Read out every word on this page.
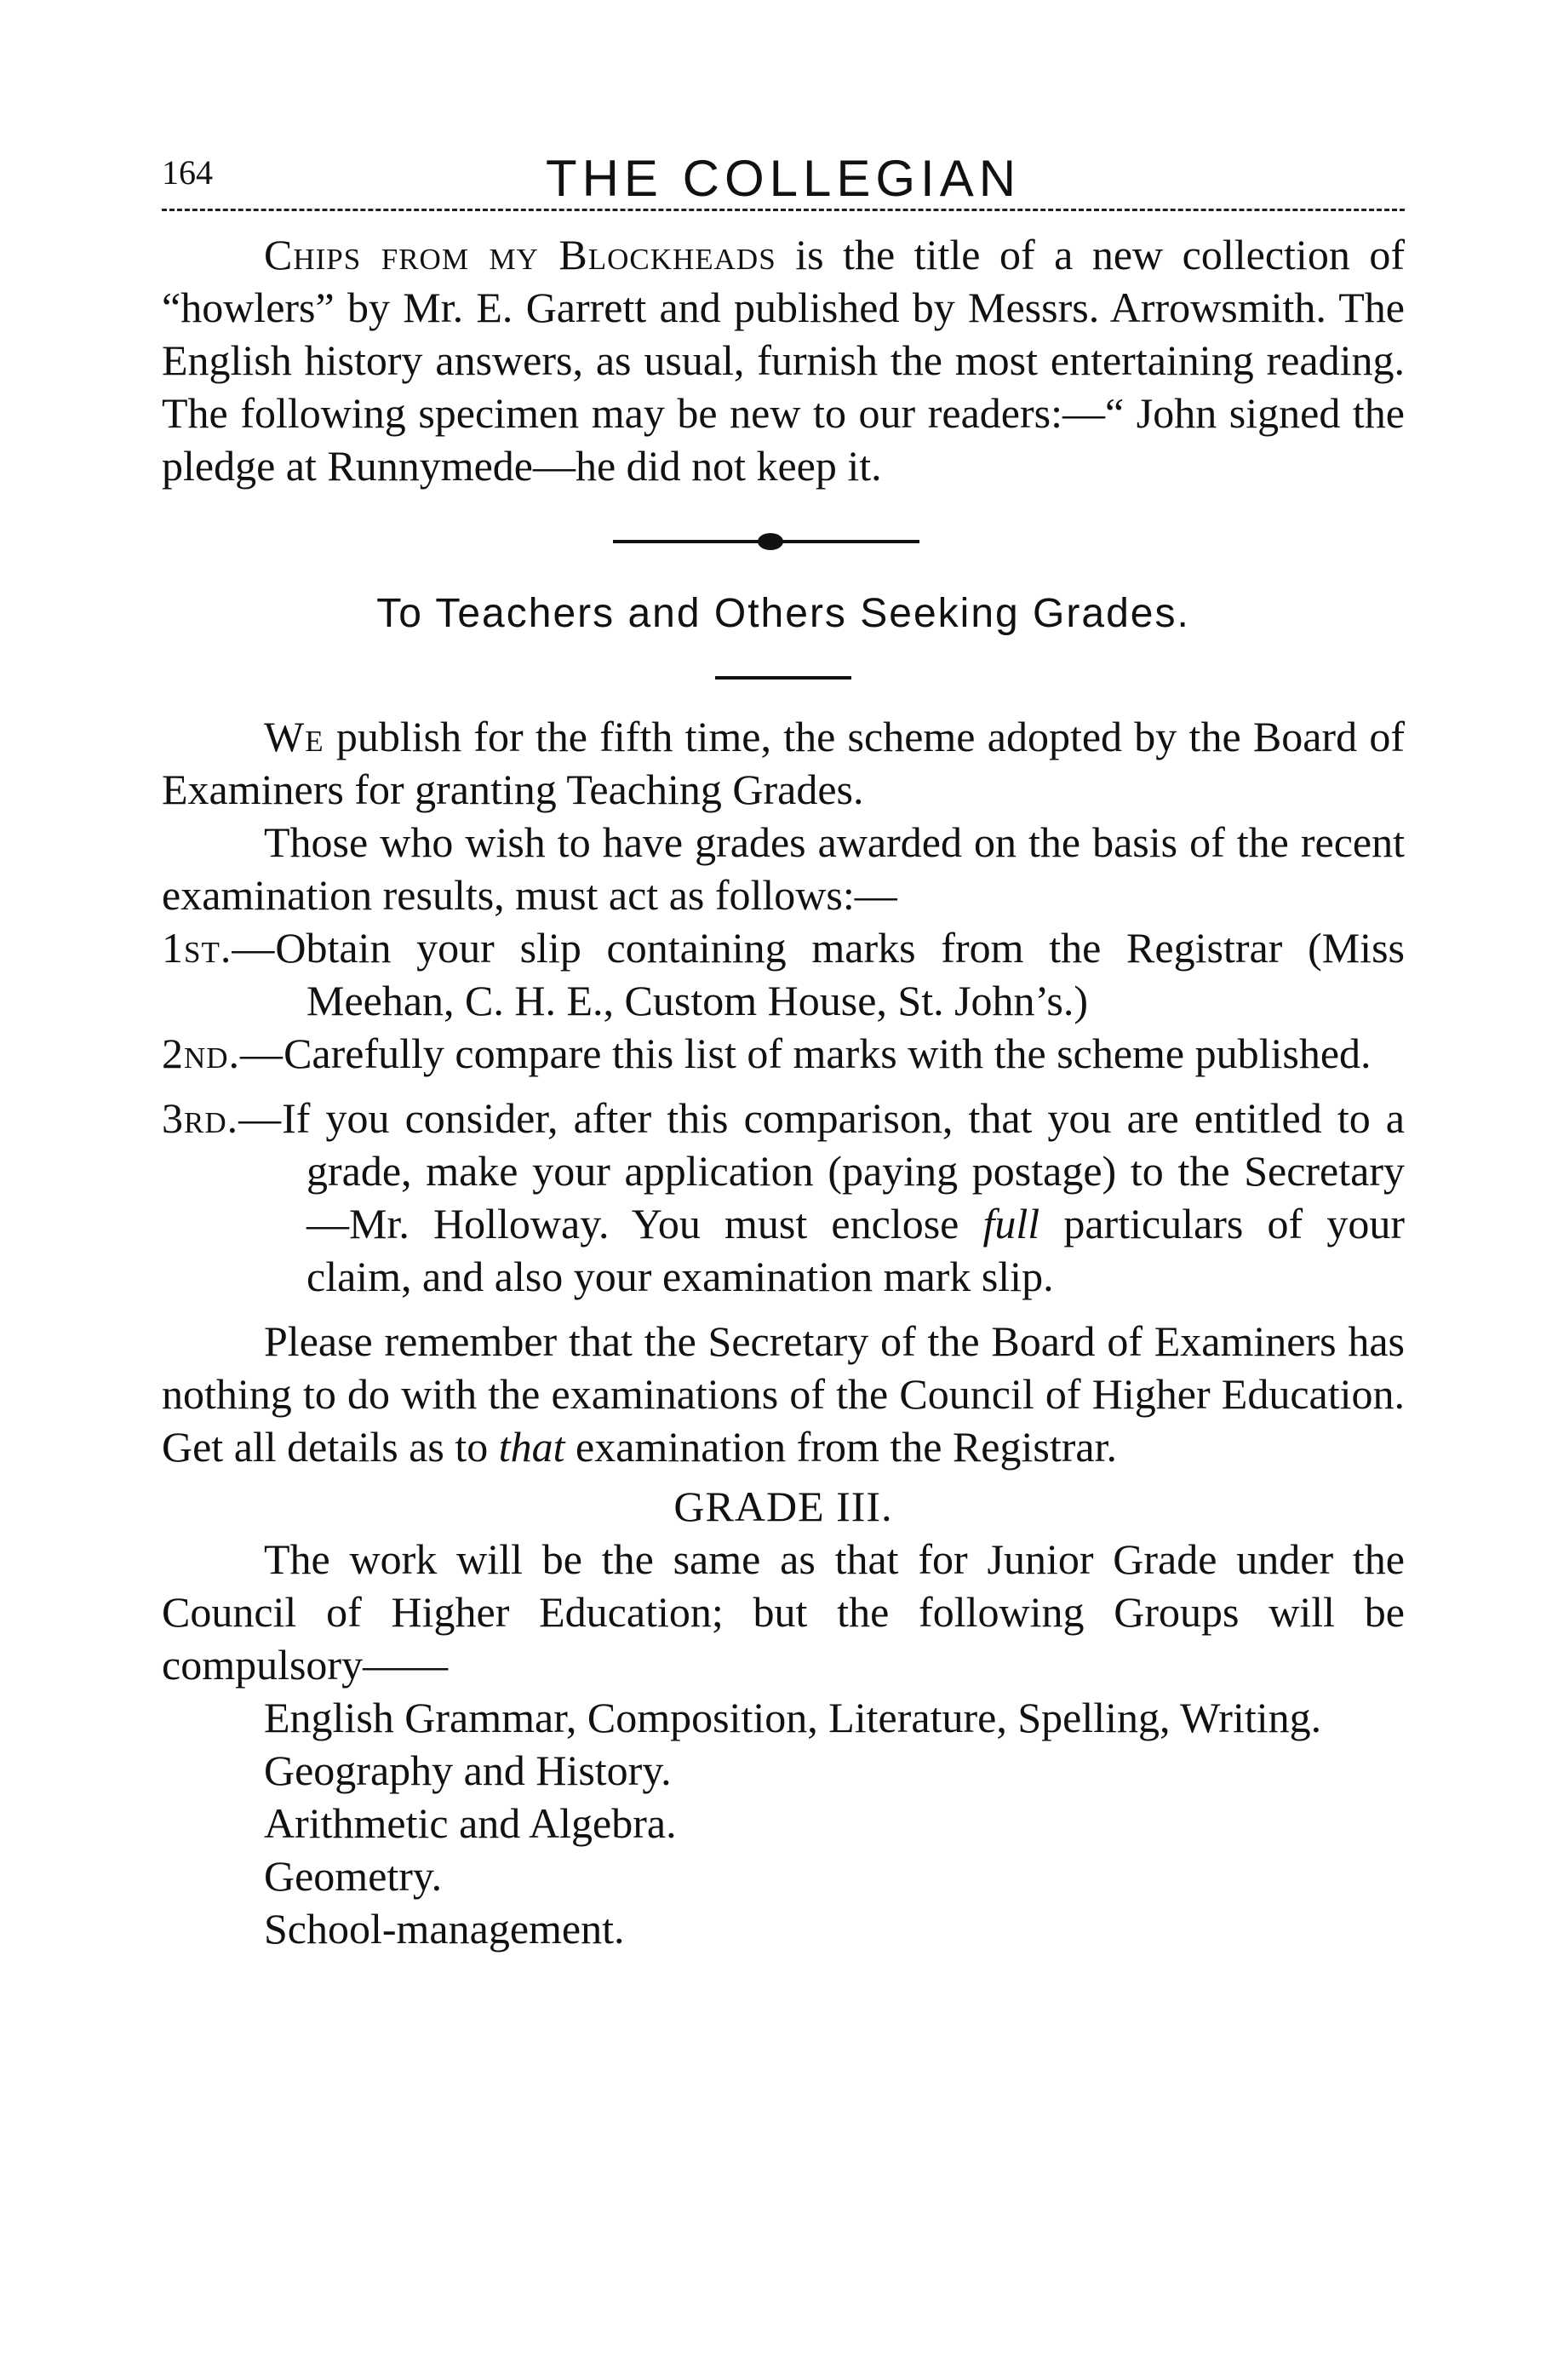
164	THE COLLEGIAN

Chips from my Blockheads is the title of a new collection of “howlers” by Mr. E. Garrett and published by Messrs. Arrowsmith. The English history answers, as usual, furnish the most entertaining reading. The following specimen may be new to our readers:—“ John signed the pledge at Runnymede—he did not keep it.

To Teachers and Others Seeking Grades.

We publish for the fifth time, the scheme adopted by the Board of Examiners for granting Teaching Grades.

Those who wish to have grades awarded on the basis of the recent examination results, must act as follows:—

1st.—Obtain your slip containing marks from the Registrar (Miss Meehan, C. H. E., Custom House, St. John’s.)

2nd.—Carefully compare this list of marks with the scheme published.

3rd.—If you consider, after this comparison, that you are entitled to a grade, make your application (paying postage) to the Secretary—Mr. Holloway. You must enclose full particulars of your claim, and also your examination mark slip.

Please remember that the Secretary of the Board of Examiners has nothing to do with the examinations of the Council of Higher Education. Get all details as to that examination from the Registrar.

GRADE III.

The work will be the same as that for Junior Grade under the Council of Higher Education; but the following Groups will be compulsory——

English Grammar, Composition, Literature, Spelling, Writing.

Geography and History.

Arithmetic and Algebra.

Geometry.

School-management.
